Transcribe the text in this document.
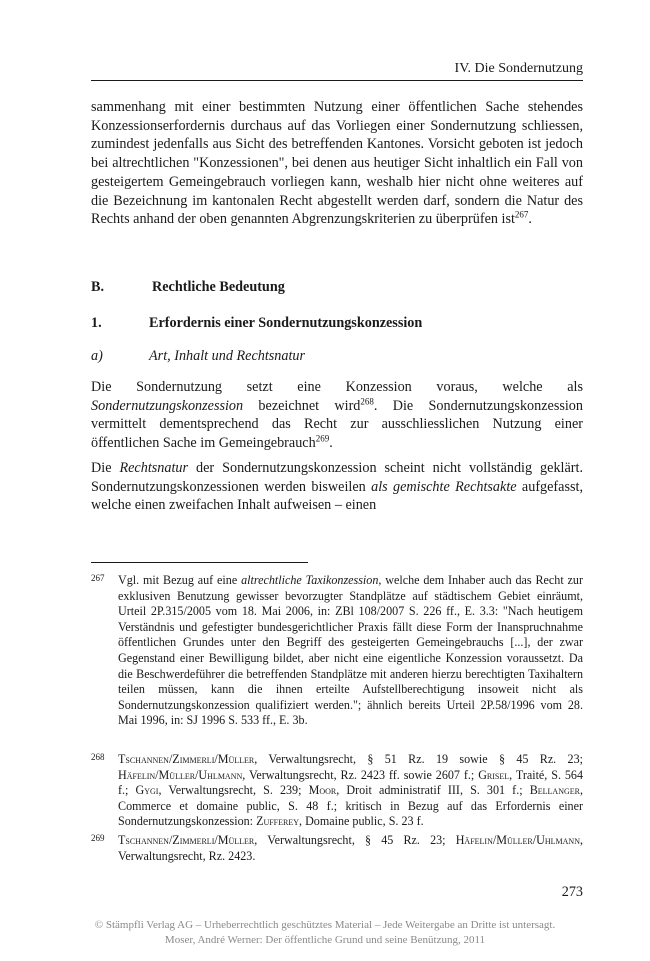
IV. Die Sondernutzung

sammenhang mit einer bestimmten Nutzung einer öffentlichen Sache stehendes Konzessionserfordernis durchaus auf das Vorliegen einer Sondernutzung schliessen, zumindest jedenfalls aus Sicht des betreffenden Kantones. Vorsicht geboten ist jedoch bei altrechtlichen "Konzessionen", bei denen aus heutiger Sicht inhaltlich ein Fall von gesteigertem Gemeingebrauch vorliegen kann, weshalb hier nicht ohne weiteres auf die Bezeichnung im kantonalen Recht abgestellt werden darf, sondern die Natur des Rechts anhand der oben genannten Abgrenzungskriterien zu überprüfen ist$^{267}$.

B.	Rechtliche Bedeutung
1.	Erfordernis einer Sondernutzungskonzession
a)	Art, Inhalt und Rechtsnatur

Die Sondernutzung setzt eine Konzession voraus, welche als Sondernutzungskonzession bezeichnet wird$^{268}$. Die Sondernutzungskonzession vermittelt dementsprechend das Recht zur ausschliesslichen Nutzung einer öffentlichen Sache im Gemeingebrauch$^{269}$.

Die Rechtsnatur der Sondernutzungskonzession scheint nicht vollständig geklärt. Sondernutzungskonzessionen werden bisweilen als gemischte Rechtsakte aufgefasst, welche einen zweifachen Inhalt aufweisen – einen

267 Vgl. mit Bezug auf eine altrechtliche Taxikonzession, welche dem Inhaber auch das Recht zur exklusiven Benutzung gewisser bevorzugter Standplätze auf städtischem Gebiet einräumt, Urteil 2P.315/2005 vom 18. Mai 2006, in: ZBl 108/2007 S. 226 ff., E. 3.3: "Nach heutigem Verständnis und gefestigter bundesgerichtlicher Praxis fällt diese Form der Inanspruchnahme öffentlichen Grundes unter den Begriff des gesteigerten Gemeingebrauchs [...], der zwar Gegenstand einer Bewilligung bildet, aber nicht eine eigentliche Konzession voraussetzt. Da die Beschwerdeführer die betreffenden Standplätze mit anderen hierzu berechtigten Taxihaltern teilen müssen, kann die ihnen erteilte Aufstellberechtigung insoweit nicht als Sondernutzungskonzession qualifiziert werden."; ähnlich bereits Urteil 2P.58/1996 vom 28. Mai 1996, in: SJ 1996 S. 533 ff., E. 3b.
268 Tschannen/Zimmerli/Müller, Verwaltungsrecht, § 51 Rz. 19 sowie § 45 Rz. 23; Häfelin/Müller/Uhlmann, Verwaltungsrecht, Rz. 2423 ff. sowie 2607 f.; Grisel, Traité, S. 564 f.; Gygi, Verwaltungsrecht, S. 239; Moor, Droit administratif III, S. 301 f.; Bellanger, Commerce et domaine public, S. 48 f.; kritisch in Bezug auf das Erfordernis einer Sondernutzungskonzession: Zufferey, Domaine public, S. 23 f.
269 Tschannen/Zimmerli/Müller, Verwaltungsrecht, § 45 Rz. 23; Häfelin/Müller/Uhlmann, Verwaltungsrecht, Rz. 2423.
273
© Stämpfli Verlag AG – Urheberrechtlich geschütztes Material – Jede Weitergabe an Dritte ist untersagt.
Moser, André Werner: Der öffentliche Grund und seine Benützung, 2011
